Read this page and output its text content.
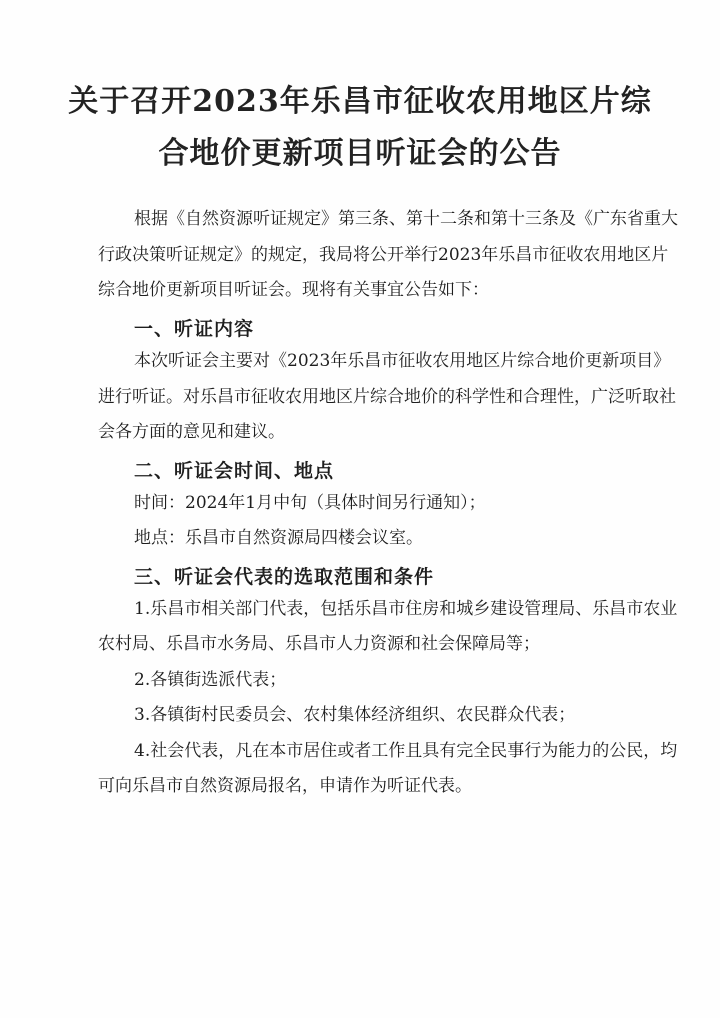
关于召开2023年乐昌市征收农用地区片综
合地价更新项目听证会的公告
根据《自然资源听证规定》第三条、第十二条和第十三条及《广东省重大
行政决策听证规定》的规定，我局将公开举行2023年乐昌市征收农用地区片
综合地价更新项目听证会。现将有关事宜公告如下：
一、听证内容
本次听证会主要对《2023年乐昌市征收农用地区片综合地价更新项目》
进行听证。对乐昌市征收农用地区片综合地价的科学性和合理性，广泛听取社
会各方面的意见和建议。
二、听证会时间、地点
时间：2024年1月中旬（具体时间另行通知）；
地点：乐昌市自然资源局四楼会议室。
三、听证会代表的选取范围和条件
1.乐昌市相关部门代表，包括乐昌市住房和城乡建设管理局、乐昌市农业
农村局、乐昌市水务局、乐昌市人力资源和社会保障局等；
2.各镇街选派代表；
3.各镇街村民委员会、农村集体经济组织、农民群众代表；
4.社会代表，凡在本市居住或者工作且具有完全民事行为能力的公民，均
可向乐昌市自然资源局报名，申请作为听证代表。
